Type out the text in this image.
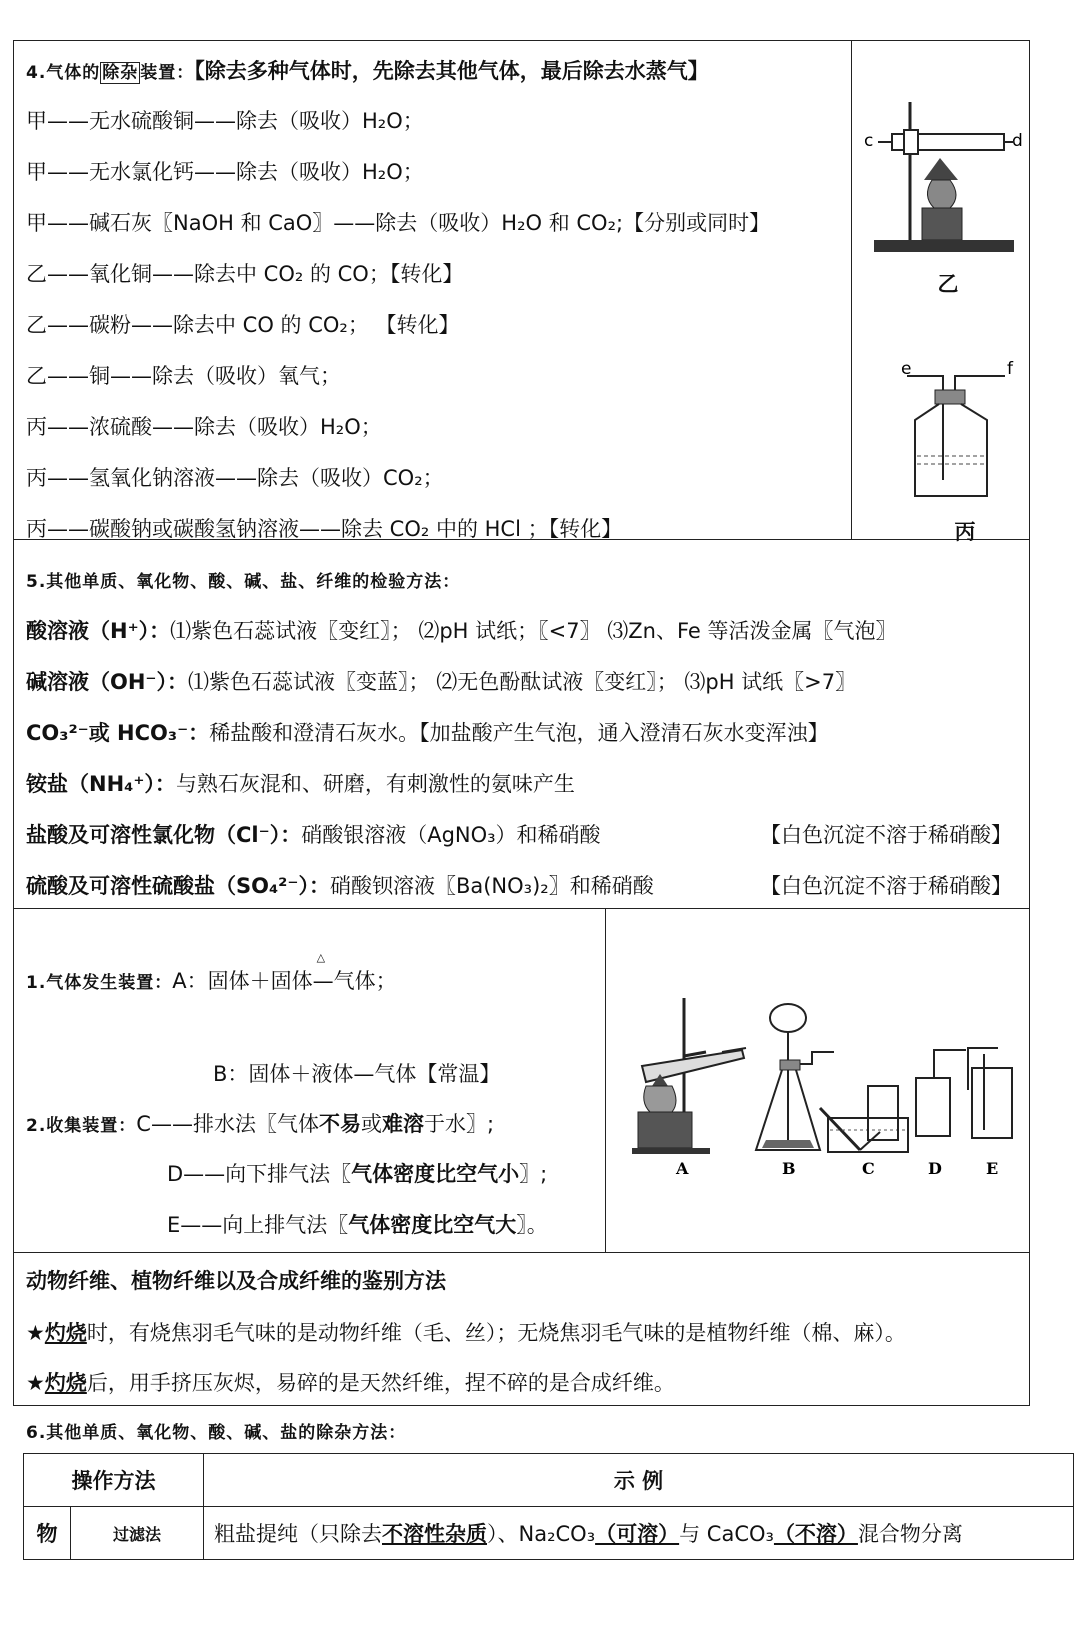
4.气体的 除杂 装置：【除去多种气体时，先除去其他气体，最后除去水蒸气】
甲——无水硫酸铜——除去（吸收）H₂O；
甲——无水氯化钙——除去（吸收）H₂O；
甲——碱石灰〖NaOH 和 CaO〗——除去（吸收）H₂O 和 CO₂;【分别或同时】
乙——氧化铜——除去中 CO₂ 的 CO；【转化】
乙——碳粉——除去中 CO 的 CO₂； 【转化】
乙——铜——除去（吸收）氧气；
丙——浓硫酸——除去（吸收）H₂O；
丙——氢氧化钠溶液——除去（吸收）CO₂；
丙——碳酸钠或碳酸氢钠溶液——除去 CO₂ 中的 HCl ；【转化】
c	d
乙
e	f
丙
5.其他单质、氧化物、酸、碱、盐、纤维的检验方法：
酸溶液（H⁺）：⑴紫色石蕊试液〖变红〗； ⑵pH 试纸；〖<7〗 ⑶Zn、Fe 等活泼金属〖气泡〗
碱溶液（OH⁻）：⑴紫色石蕊试液〖变蓝〗； ⑵无色酚酞试液〖变红〗； ⑶pH 试纸〖>7〗
CO₃²⁻或 HCO₃⁻：稀盐酸和澄清石灰水。【加盐酸产生气泡，通入澄清石灰水变浑浊】
铵盐（NH₄⁺）：与熟石灰混和、研磨，有刺激性的氨味产生
盐酸及可溶性氯化物（Cl⁻）：硝酸银溶液（AgNO₃）和稀硝酸	【白色沉淀不溶于稀硝酸】
硫酸及可溶性硫酸盐（SO₄²⁻）：硝酸钡溶液〖Ba(NO₃)₂〗和稀硝酸	【白色沉淀不溶于稀硝酸】
1.气体发生装置：A：固体＋固体
△
—气体；
B：固体＋液体—气体【常温】
2.收集装置：C——排水法〖气体不易或难溶于水〗;
D——向下排气法〖气体密度比空气小〗;
E——向上排气法〖气体密度比空气大〗。
A	B	C	D	E
动物纤维、植物纤维以及合成纤维的鉴别方法
★灼烧时，有烧焦羽毛气味的是动物纤维（毛、丝）；无烧焦羽毛气味的是植物纤维（棉、麻）。
★灼烧后，用手挤压灰烬，易碎的是天然纤维，捏不碎的是合成纤维。
6.其他单质、氧化物、酸、碱、盐的除杂方法：
操作方法		示 例
物	过滤法	粗盐提纯（只除去不溶性杂质）、Na₂CO₃（可溶）与 CaCO₃（不溶）混合物分离
